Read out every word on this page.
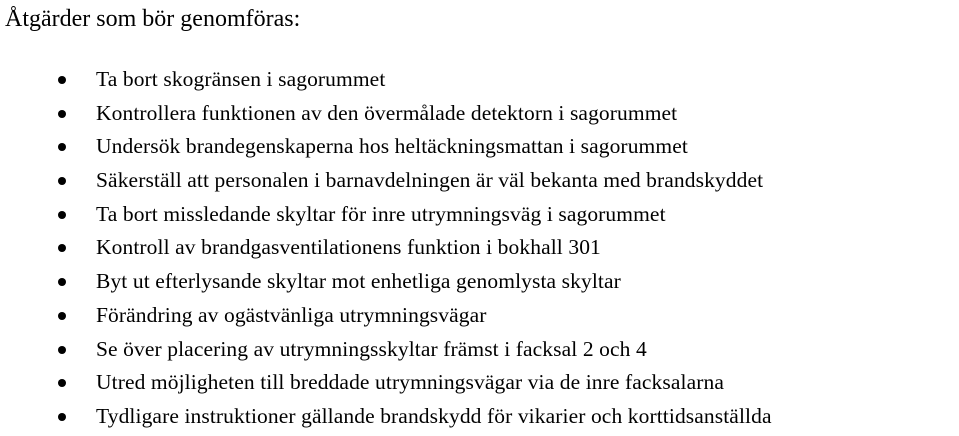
Åtgärder som bör genomföras:
Ta bort skogränsen i sagorummet
Kontrollera funktionen av den övermålade detektorn i sagorummet
Undersök brandegenskaperna hos heltäckningsmattan i sagorummet
Säkerställ att personalen i barnavdelningen är väl bekanta med brandskyddet
Ta bort missledande skyltar för inre utrymningsväg i sagorummet
Kontroll av brandgasventilationens funktion i bokhall 301
Byt ut efterlysande skyltar mot enhetliga genomlysta skyltar
Förändring av ogästvänliga utrymningsvägar
Se över placering av utrymningsskyltar främst i facksal 2 och 4
Utred möjligheten till breddade utrymningsvägar via de inre facksalarna
Tydligare instruktioner gällande brandskydd för vikarier och korttidsanställda
